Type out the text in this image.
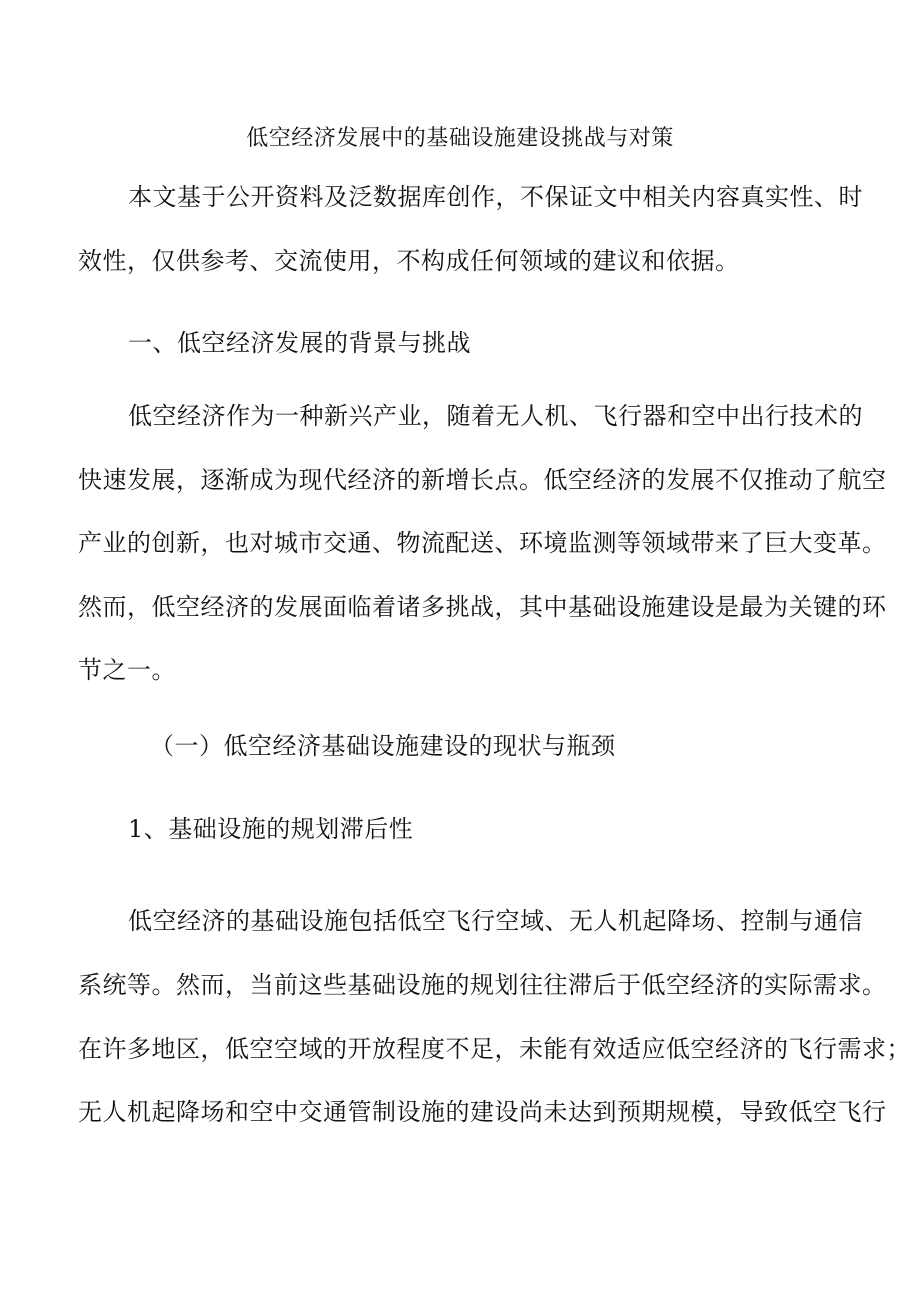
低空经济发展中的基础设施建设挑战与对策
本文基于公开资料及泛数据库创作，不保证文中相关内容真实性、时
效性，仅供参考、交流使用，不构成任何领域的建议和依据。
一、低空经济发展的背景与挑战
低空经济作为一种新兴产业，随着无人机、飞行器和空中出行技术的
快速发展，逐渐成为现代经济的新增长点。低空经济的发展不仅推动了航空
产业的创新，也对城市交通、物流配送、环境监测等领域带来了巨大变革。
然而，低空经济的发展面临着诸多挑战，其中基础设施建设是最为关键的环
节之一。
（一）低空经济基础设施建设的现状与瓶颈
1、基础设施的规划滞后性
低空经济的基础设施包括低空飞行空域、无人机起降场、控制与通信
系统等。然而，当前这些基础设施的规划往往滞后于低空经济的实际需求。
在许多地区，低空空域的开放程度不足，未能有效适应低空经济的飞行需求；
无人机起降场和空中交通管制设施的建设尚未达到预期规模，导致低空飞行
